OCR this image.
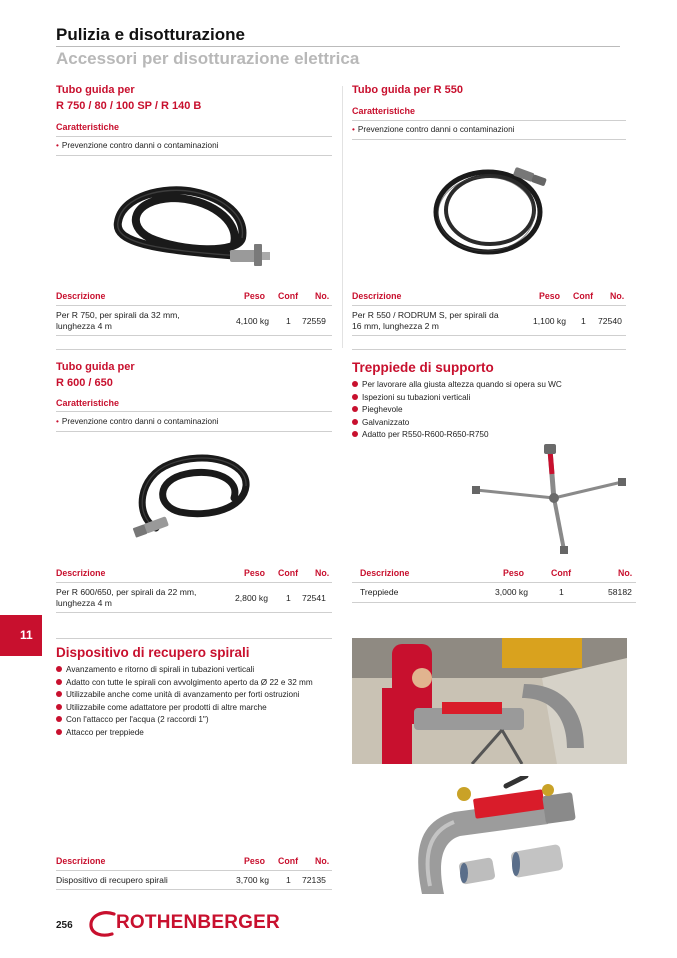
Pulizia e disotturazione
Accessori per disotturazione elettrica
Tubo guida per
R 750 / 80 / 100 SP / R 140 B
Caratteristiche
• Prevenzione contro danni o contaminazioni
Descrizione	Peso Conf No.
Per R 750, per spirali da 32 mm,
lunghezza 4 m	4,100 kg 1 72559
Tubo guida per R 550
Caratteristiche
• Prevenzione contro danni o contaminazioni
Descrizione	Peso Conf No.
Per R 550 / RODRUM S, per spirali da
16 mm, lunghezza 2 m	1,100 kg 1 72540
Tubo guida per
R 600 / 650
Caratteristiche
• Prevenzione contro danni o contaminazioni
Descrizione	Peso Conf No.
Per R 600/650, per spirali da 22 mm,
lunghezza 4 m	2,800 kg 1 72541
Treppiede di supporto
Per lavorare alla giusta altezza quando si opera su WC
Ispezioni su tubazioni verticali
Pieghevole
Galvanizzato
Adatto per R550-R600-R650-R750
Descrizione	Peso	Conf	No.
Treppiede	3,000 kg	1	58182
11
Dispositivo di recupero spirali
Avanzamento e ritorno di spirali in tubazioni verticali
Adatto con tutte le spirali con avvolgimento aperto da Ø 22 e 32 mm
Utilizzabile anche come unità di avanzamento per forti ostruzioni
Utilizzabile come adattatore per prodotti di altre marche
Con l'attacco per l'acqua (2 raccordi 1")
Attacco per treppiede
Descrizione	Peso Conf No.
Dispositivo di recupero spirali	3,700 kg 1 72135
256 ROTHENBERGER
